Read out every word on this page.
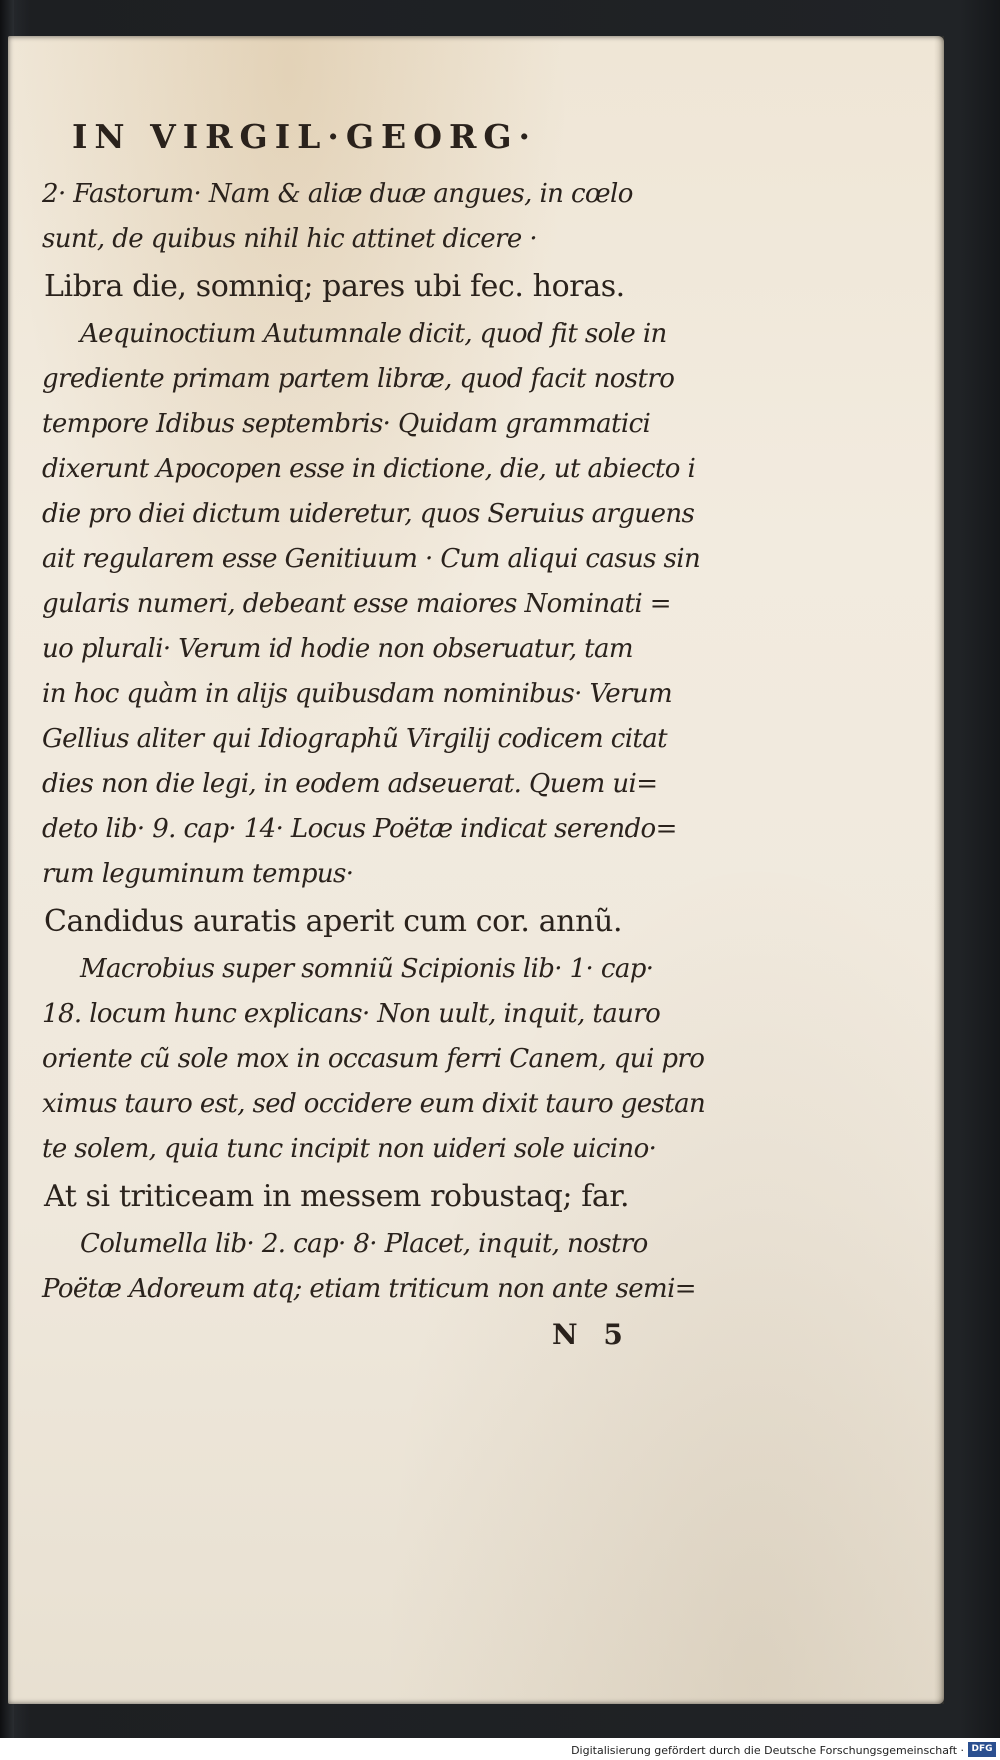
IN VIRGIL·GEORG·
2· Fastorum· Nam & aliæ duæ angues, in cœlo
sunt, de quibus nihil hic attinet dicere ·
Libra die, somniq; pares ubi fec. horas.
Aequinoctium Autumnale dicit, quod fit sole in
gredientе primam partem libræ, quod facit nostro
tempore Idibus septembris· Quidam grammatici
dixerunt Apocopen esse in dictione, die, ut abiecto i
die pro diei dictum uideretur, quos Seruius arguens
ait regularem esse Genitiuum · Cum aliqui casus sin
gularis numeri, debeant esse maiores Nominati =
uo plurali· Verum id hodie non obseruatur, tam
in hoc quàm in alijs quibusdam nominibus· Verum
Gellius aliter qui Idiographũ Virgilij codicem citat
dies non die legi, in eodem adseuerat. Quem ui=
deto lib· 9. cap· 14· Locus Poëtæ indicat serendo=
rum leguminum tempus·
Candidus auratis aperit cum cor. annũ.
Macrobius super somniũ Scipionis lib· 1· cap·
18. locum hunc explicans· Non uult, inquit, tauro
oriente cũ sole mox in occasum ferri Canem, qui pro
ximus tauro est, sed occidere eum dixit tauro gestan
te solem, quia tunc incipit non uideri sole uicino·
At si triticeam in messem robustaq; far.
Columella lib· 2. cap· 8· Placet, inquit, nostro
Poëtæ Adoreum atq; etiam triticum non ante semi=
N 5
Digitalisierung gefördert durch die Deutsche Forschungsgemeinschaft · DFG
